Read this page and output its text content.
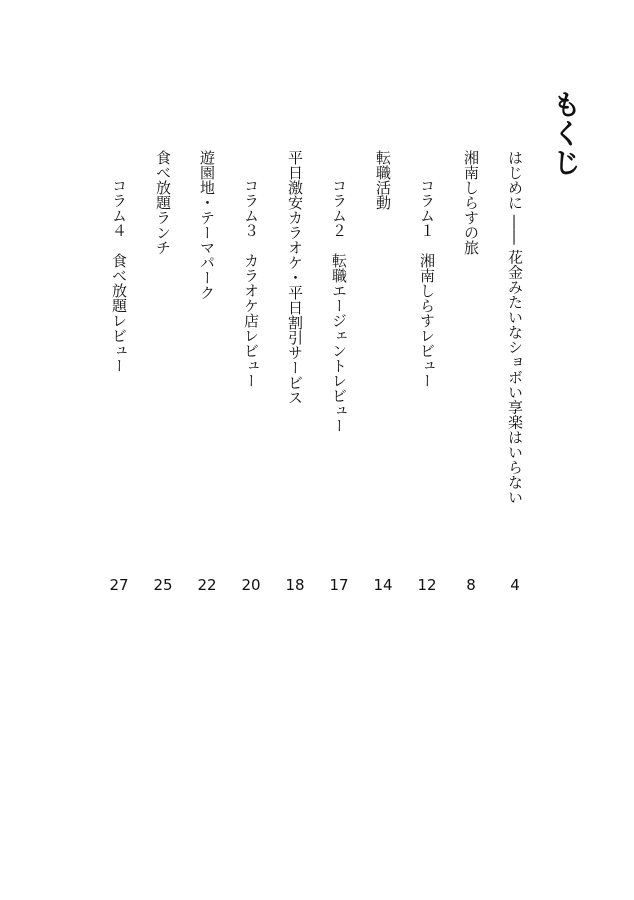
もくじ
はじめに ―― 花金みたいなショボい享楽はいらない
4
湘南しらすの旅
8
コラム１　湘南しらすレビュー
12
転職活動
14
コラム２　転職エージェントレビュー
17
平日激安カラオケ・平日割引サービス
18
コラム３　カラオケ店レビュー
20
遊園地・テーマパーク
22
食べ放題ランチ
25
コラム４　食べ放題レビュー
27
